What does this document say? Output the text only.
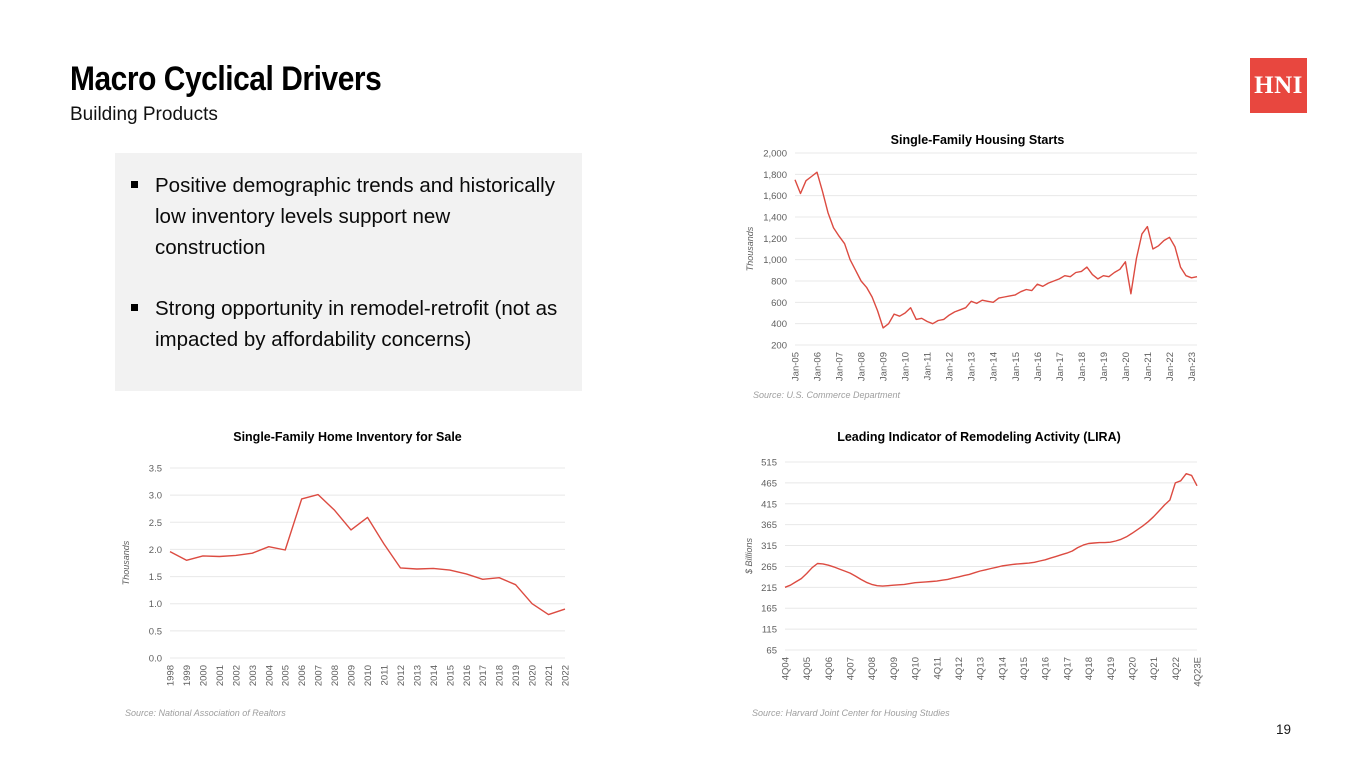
Macro Cyclical Drivers
Building Products
HNI
Positive demographic trends and historically low inventory levels support new construction
Strong opportunity in remodel-retrofit (not as impacted by affordability concerns)	200
400
600
800
1,000
1,200
1,400
1,600
1,800
2,000
Jan-05 Jan-06 Jan-07 Jan-08 Jan-09 Jan-10 Jan-11 Jan-12 Jan-13 Jan-14 Jan-15 Jan-16 Jan-17 Jan-18 Jan-19 Jan-20 Jan-21 Jan-22 Jan-23
Thousands
Single-Family Housing Starts
Source: U.S. Commerce Department
0.0
0.5
1.0
1.5
2.0
2.5
3.0
3.5
1998 1999 2000 2001 2002 2003 2004 2005 2006 2007 2008 2009 2010 2011 2012 2013 2014 2015 2016 2017 2018 2019 2020 2021 2022
Thousands
Single-Family Home Inventory for Sale
Source: National Association of Realtors
65
115
165
215
265
315
365
415
465
515
4Q04 4Q05 4Q06 4Q07 4Q08 4Q09 4Q10 4Q11 4Q12 4Q13 4Q14 4Q15 4Q16 4Q17 4Q18 4Q19 4Q20 4Q21 4Q22 4Q23E
$ Billions
Leading Indicator of Remodeling Activity (LIRA)
Source: Harvard Joint Center for Housing Studies
19
